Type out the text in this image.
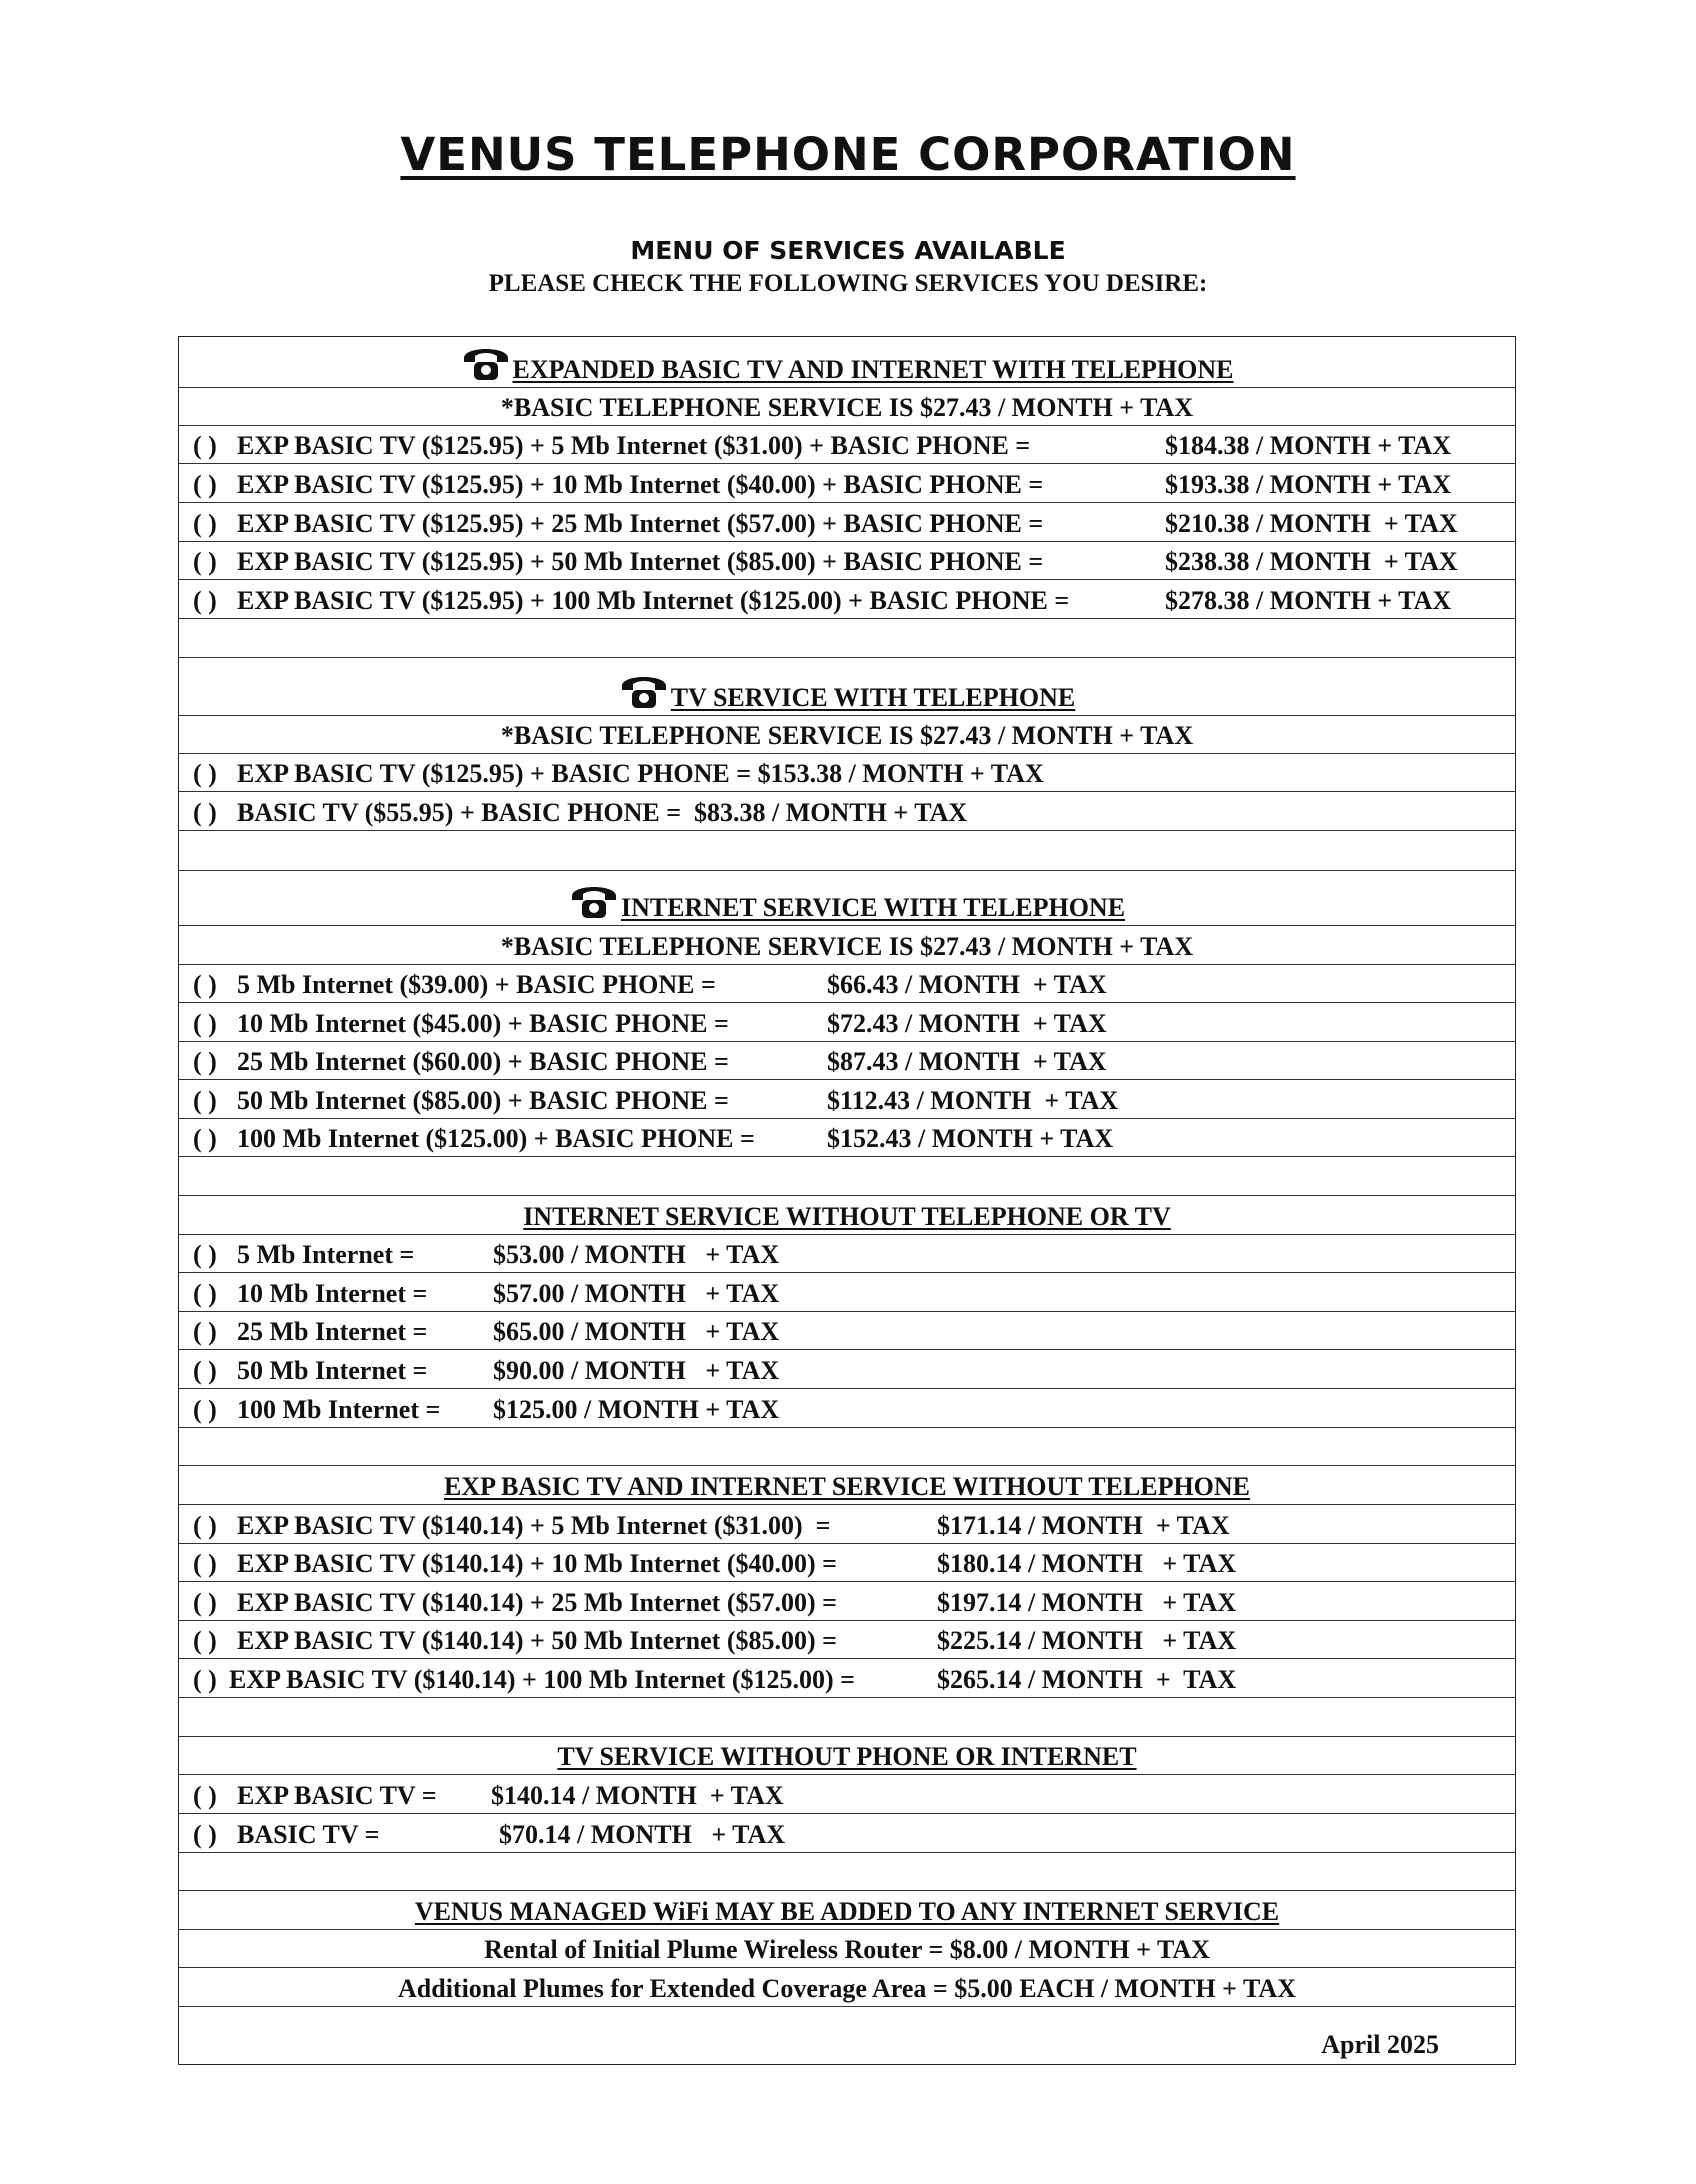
VENUS TELEPHONE CORPORATION
MENU OF SERVICES AVAILABLE
PLEASE CHECK THE FOLLOWING SERVICES YOU DESIRE:
EXPANDED BASIC TV AND INTERNET WITH TELEPHONE
*BASIC TELEPHONE SERVICE IS $27.43 / MONTH + TAX
( ) EXP BASIC TV ($125.95) + 5 Mb Internet ($31.00) + BASIC PHONE =	$184.38 / MONTH + TAX
( ) EXP BASIC TV ($125.95) + 10 Mb Internet ($40.00) + BASIC PHONE =	$193.38 / MONTH + TAX
( ) EXP BASIC TV ($125.95) + 25 Mb Internet ($57.00) + BASIC PHONE =	$210.38 / MONTH  + TAX
( ) EXP BASIC TV ($125.95) + 50 Mb Internet ($85.00) + BASIC PHONE =	$238.38 / MONTH  + TAX
( ) EXP BASIC TV ($125.95) + 100 Mb Internet ($125.00) + BASIC PHONE =	$278.38 / MONTH + TAX
TV SERVICE WITH TELEPHONE
*BASIC TELEPHONE SERVICE IS $27.43 / MONTH + TAX
( ) EXP BASIC TV ($125.95) + BASIC PHONE = $153.38 / MONTH + TAX
( ) BASIC TV ($55.95) + BASIC PHONE =  $83.38 / MONTH + TAX
INTERNET SERVICE WITH TELEPHONE
*BASIC TELEPHONE SERVICE IS $27.43 / MONTH + TAX
( ) 5 Mb Internet ($39.00) + BASIC PHONE =	$66.43 / MONTH  + TAX
( ) 10 Mb Internet ($45.00) + BASIC PHONE =	$72.43 / MONTH  + TAX
( ) 25 Mb Internet ($60.00) + BASIC PHONE =	$87.43 / MONTH  + TAX
( ) 50 Mb Internet ($85.00) + BASIC PHONE =	$112.43 / MONTH  + TAX
( ) 100 Mb Internet ($125.00) + BASIC PHONE =	$152.43 / MONTH + TAX
INTERNET SERVICE WITHOUT TELEPHONE OR TV
( ) 5 Mb Internet =	$53.00 / MONTH   + TAX
( ) 10 Mb Internet =	$57.00 / MONTH   + TAX
( ) 25 Mb Internet =	$65.00 / MONTH   + TAX
( ) 50 Mb Internet =	$90.00 / MONTH   + TAX
( ) 100 Mb Internet = $125.00 / MONTH + TAX
EXP BASIC TV AND INTERNET SERVICE WITHOUT TELEPHONE
( ) EXP BASIC TV ($140.14) + 5 Mb Internet ($31.00)  =	$171.14 / MONTH  + TAX
( ) EXP BASIC TV ($140.14) + 10 Mb Internet ($40.00) =	$180.14 / MONTH   + TAX
( ) EXP BASIC TV ($140.14) + 25 Mb Internet ($57.00) =	$197.14 / MONTH   + TAX
( ) EXP BASIC TV ($140.14) + 50 Mb Internet ($85.00) =	$225.14 / MONTH   + TAX
( ) EXP BASIC TV ($140.14) + 100 Mb Internet ($125.00) =	$265.14 / MONTH  +  TAX
TV SERVICE WITHOUT PHONE OR INTERNET
( ) EXP BASIC TV = $140.14 / MONTH  + TAX
( ) BASIC TV =	$70.14 / MONTH   + TAX
VENUS MANAGED WiFi MAY BE ADDED TO ANY INTERNET SERVICE
Rental of Initial Plume Wireless Router = $8.00 / MONTH + TAX
Additional Plumes for Extended Coverage Area = $5.00 EACH / MONTH + TAX
April 2025
